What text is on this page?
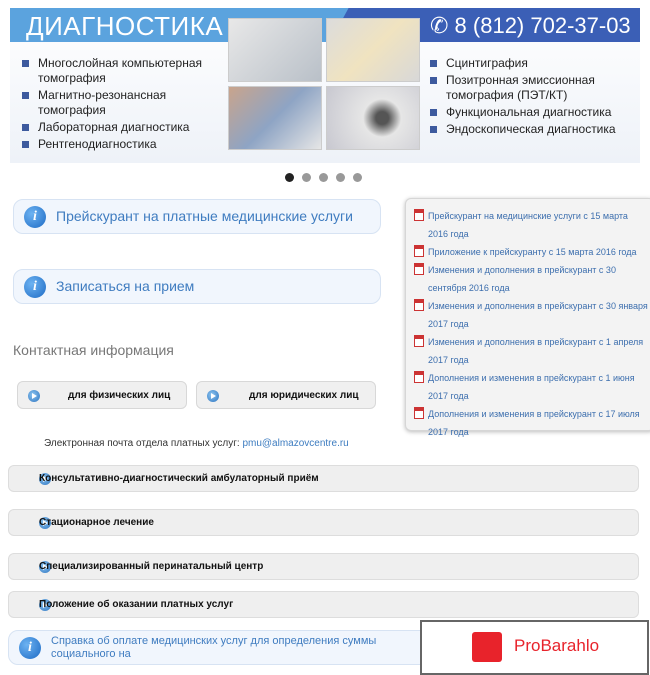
ДИАГНОСТИКА	✆ 8 (812) 702-37-03
Многослойная компьютерная томография
Магнитно-резонансная томография
Лабораторная диагностика
Рентгенодиагностика
Сцинтиграфия
Позитронная эмиссионная томография (ПЭТ/КТ)
Функциональная диагностика
Эндоскопическая диагностика
i	Прейскурант на платные медицинские услуги
i	Записаться на прием
Контактная информация
для физических лиц	для юридических лиц
Прейскурант на медицинские услуги с 15 марта 2016 года
Приложение к прейскуранту с 15 марта 2016 года
Изменения и дополнения в прейскурант с 30 сентября 2016 года
Изменения и дополнения в прейскурант с 30 января 2017 года
Изменения и дополнения в прейскурант с 1 апреля 2017 года
Дополнения и изменения в прейскурант с 1 июня 2017 года
Дополнения и изменения в прейскурант с 17 июля 2017 года
Электронная почта отдела платных услуг: pmu@almazovcentre.ru
Консультативно-диагностический амбулаторный приём
Стационарное лечение
Специализированный перинатальный центр
Положение об оказании платных услуг
i	Справка об оплате медицинских услуг для определения суммы социального на	ProBarahlo
